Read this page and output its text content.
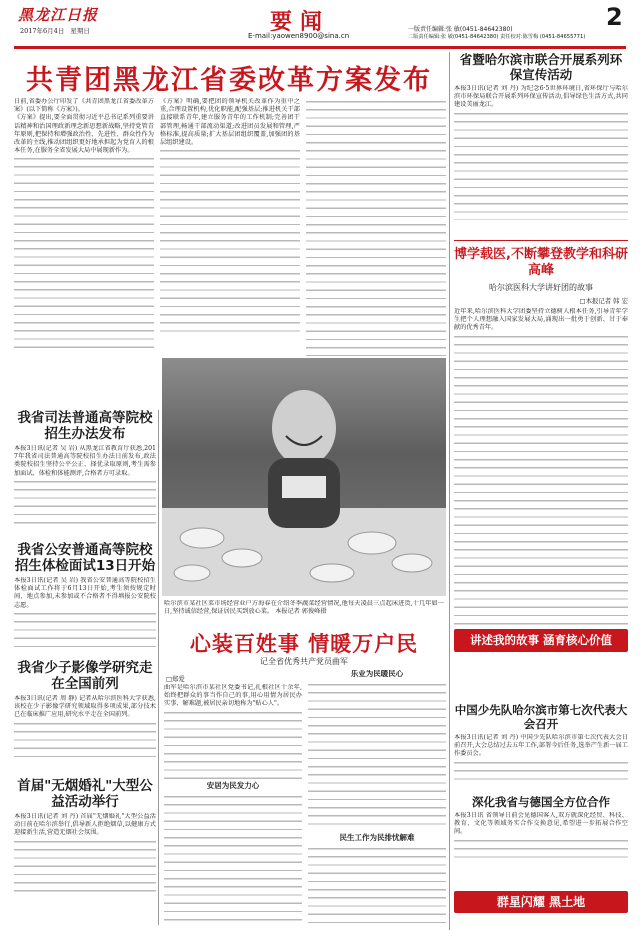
黑龙江日报
2017年6月4日 星期日	要闻
E-mail:yaowen8900@sina.cn
一版责任编辑:张 敏(0451-84642380)
二版责任编辑:张 敏(0451-84642380) 责任校对:陈雪梅 (0451-84655771)
2
共青团黑龙江省委改革方案发布

日前,省委办公厅印发了《共青团黑龙江省委改革方案》(以下简称《方案》)。

《方案》提出,要全面贯彻习近平总书记系列重要讲话精神和治国理政新理念新思想新战略,坚持党管青年原则,把保持和增强政治性、先进性、群众性作为改革的主线,推动团组织更好地承担起为党育人的根本任务,在服务全省发展大局中展现新作为。

《方案》明确,要把团的领导机关改革作为重中之重,合理设置机构,优化职能,配强基层;推进机关干部直接联系青年,建立服务青年的工作机制;完善团干部管理,畅通干部流动渠道;改进团员发展和管理,严格标准,提高质量;扩大基层团组织覆盖,加强团的基层组织建设。

我省司法普通高等院校招生办法发布

本报3日讯(记者 吴 岩) 从黑龙江省教育厅获悉,2017年我省司法普通高等院校招生办法日前发布,政法类院校招生坚持公平公正、择优录取原则,考生需参加面试、体检和体能测评,合格者方可录取。

我省公安普通高等院校招生体检面试13日开始

本报3日讯(记者 吴 岩) 我省公安普通高等院校招生体检面试工作将于6月13日开始,考生须按规定时间、地点参加,未参加或不合格者不得填报公安院校志愿。

我省少子影像学研究走在全国前列

本报3日讯(记者 周 静) 记者从哈尔滨医科大学获悉,该校在少子影像学研究领域取得多项成果,部分技术已在临床推广应用,研究水平走在全国前列。

首届"无烟婚礼"大型公益活动举行

本报3日讯(记者 刘 丹) 首届"无烟婚礼"大型公益活动日前在哈尔滨举行,倡导新人拒绝烟草,以健康方式迎接新生活,营造无烟社会氛围。

哈尔滨市某社区菜市场经营业户方海春在介绍冬季蔬菜经营情况,他每天凌晨三点起床进货,十几年如一日,坚持诚信经营,保证居民买到放心菜。 本报记者 郭俊峰摄
心装百姓事 情暖万户民
记全省优秀共产党员曲军
□郑爱

曲军是哈尔滨市某社区党委书记,扎根社区十余年,始终把群众的事当作自己的事,用心用情为居民办实事、解难题,被居民亲切地称为"贴心人"。

安居为民发力心
乐业为民暖民心
民生工作为民排忧解难
省暨哈尔滨市联合开展系列环保宣传活动

本报3日讯(记者 刘 丹) 为纪念6·5世界环境日,省环保厅与哈尔滨市环保局联合开展系列环保宣传活动,倡导绿色生活方式,共同建设美丽龙江。

博学载医,不断攀登教学和科研高峰
哈尔滨医科大学讲好团的故事
□本报记者 韩 宏

近年来,哈尔滨医科大学团委坚持立德树人根本任务,引导青年学生把个人理想融入国家发展大局,涌现出一批勇于创新、甘于奉献的优秀青年。

讲述我的故事 涵育核心价值
中国少先队哈尔滨市第七次代表大会召开

本报3日讯(记者 刘 丹) 中国少先队哈尔滨市第七次代表大会日前召开,大会总结过去五年工作,部署今后任务,选举产生新一届工作委员会。

深化我省与德国全方位合作

本报3日讯 省领导日前会见德国客人,双方就深化经贸、科技、教育、文化等领域务实合作交换意见,希望进一步拓展合作空间。

群星闪耀 黑土地
